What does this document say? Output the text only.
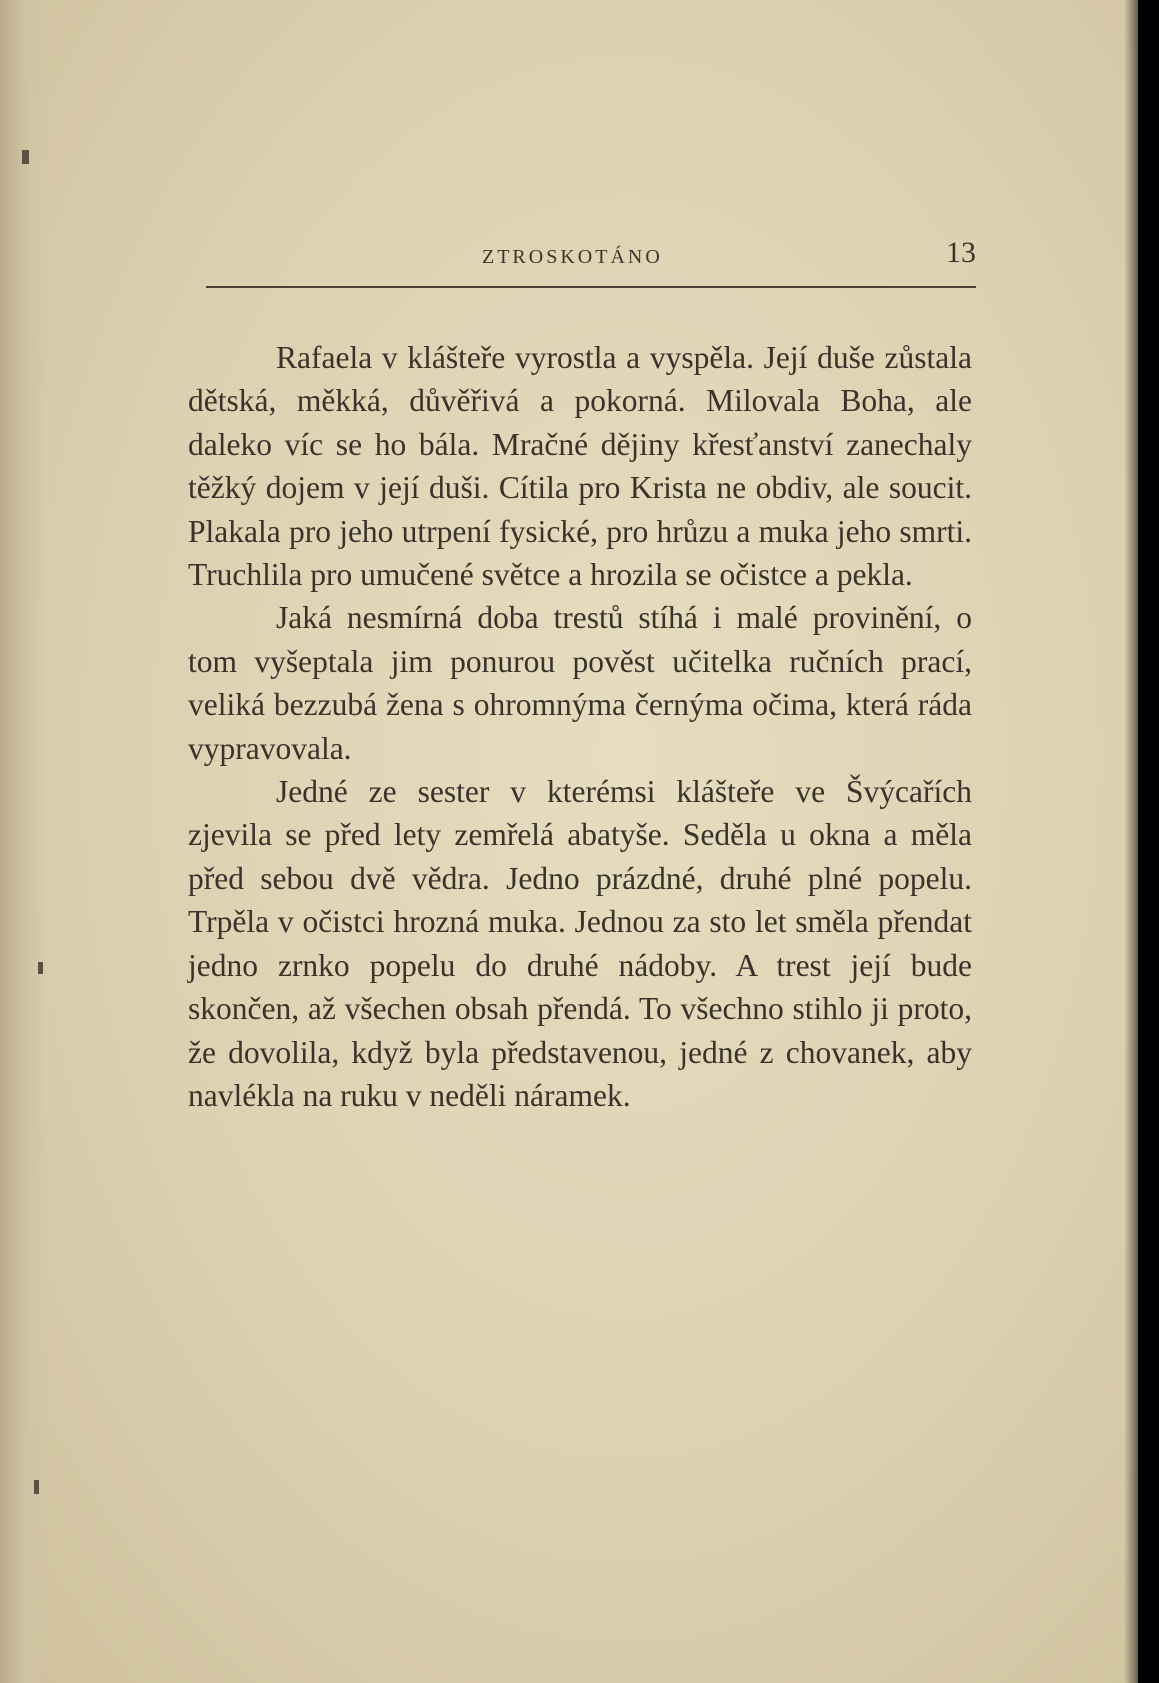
ZTROSKOTÁNO	13

Rafaela v klášteře vyrostla a vyspěla. Její duše zůstala dětská, měkká, důvěřivá a pokorná. Milovala Boha, ale daleko víc se ho bála. Mračné dějiny křesťanství zanechaly těžký dojem v její duši. Cítila pro Krista ne obdiv, ale soucit. Plakala pro jeho utrpení fysické, pro hrůzu a muka jeho smrti. Truchlila pro umučené světce a hrozila se očistce a pekla.

Jaká nesmírná doba trestů stíhá i malé provinění, o tom vyšeptala jim ponurou pověst učitelka ručních prací, veliká bezzubá žena s ohromnýma černýma očima, která ráda vypravovala.

Jedné ze sester v kterémsi klášteře ve Švýcařích zjevila se před lety zemřelá abatyše. Seděla u okna a měla před sebou dvě vědra. Jedno prázdné, druhé plné popelu. Trpěla v očistci hrozná muka. Jednou za sto let směla přendat jedno zrnko popelu do druhé nádoby. A trest její bude skončen, až všechen obsah přendá. To všechno stihlo ji proto, že dovolila, když byla představenou, jedné z chovanek, aby navlékla na ruku v neděli náramek.
